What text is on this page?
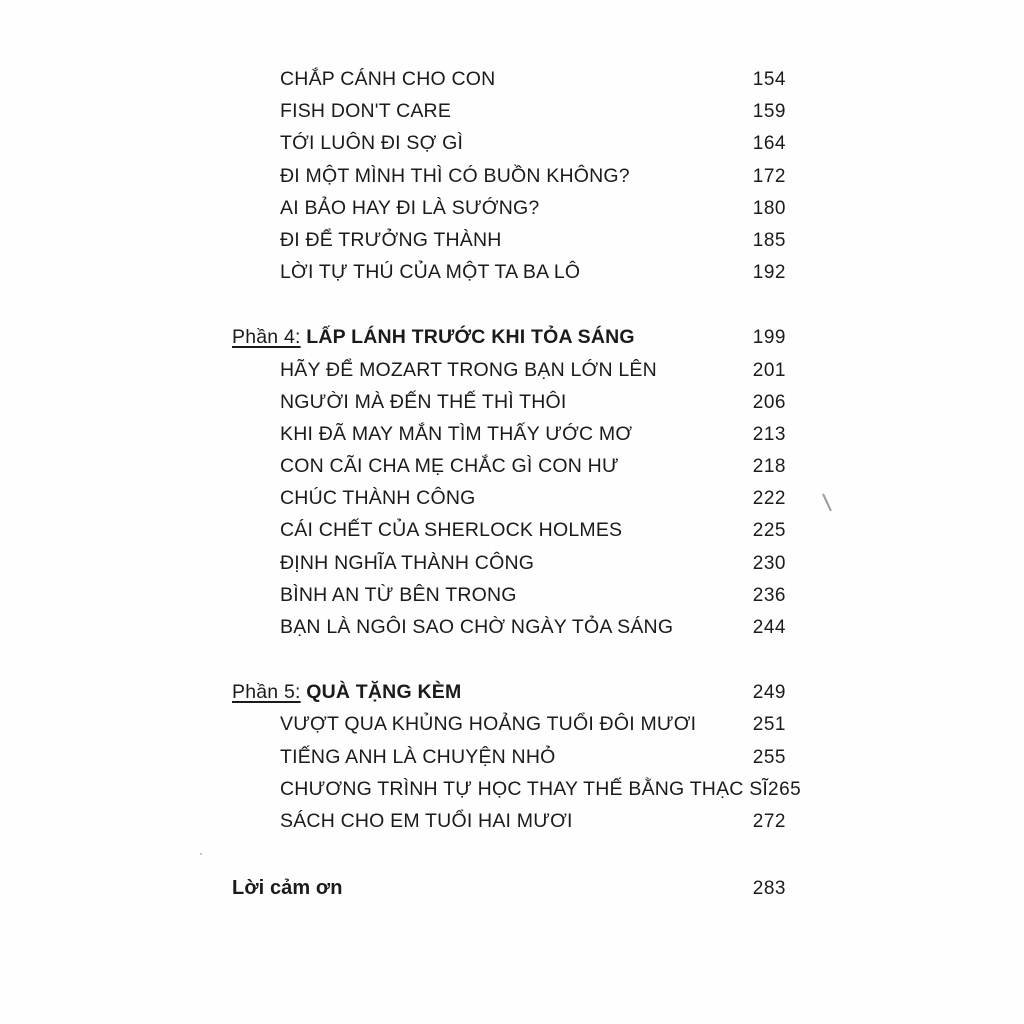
CHẮP CÁNH CHO CON	154
FISH DON'T CARE	159
TỚI LUÔN ĐI SỢ GÌ	164
ĐI MỘT MÌNH THÌ CÓ BUỒN KHÔNG?	172
AI BẢO HAY ĐI LÀ SƯỚNG?	180
ĐI ĐỂ TRƯỞNG THÀNH	185
LỜI TỰ THÚ CỦA MỘT TA BA LÔ	192
Phần 4: LẤP LÁNH TRƯỚC KHI TỎA SÁNG	199
HÃY ĐỂ MOZART TRONG BẠN LỚN LÊN	201
NGƯỜI MÀ ĐẾN THẾ THÌ THÔI	206
KHI ĐÃ MAY MẮN TÌM THẤY ƯỚC MƠ	213
CON CÃI CHA MẸ CHẮC GÌ CON HƯ	218
CHÚC THÀNH CÔNG	222
CÁI CHẾT CỦA SHERLOCK HOLMES	225
ĐỊNH NGHĨA THÀNH CÔNG	230
BÌNH AN TỪ BÊN TRONG	236
BẠN LÀ NGÔI SAO CHỜ NGÀY TỎA SÁNG	244
Phần 5: QUÀ TẶNG KÈM	249
VƯỢT QUA KHỦNG HOẢNG TUỔI ĐÔI MƯƠI	251
TIẾNG ANH LÀ CHUYỆN NHỎ	255
CHƯƠNG TRÌNH TỰ HỌC THAY THẾ BẰNG THẠC SĨ 265
SÁCH CHO EM TUỔI HAI MƯƠI	272
Lời cảm ơn	283
